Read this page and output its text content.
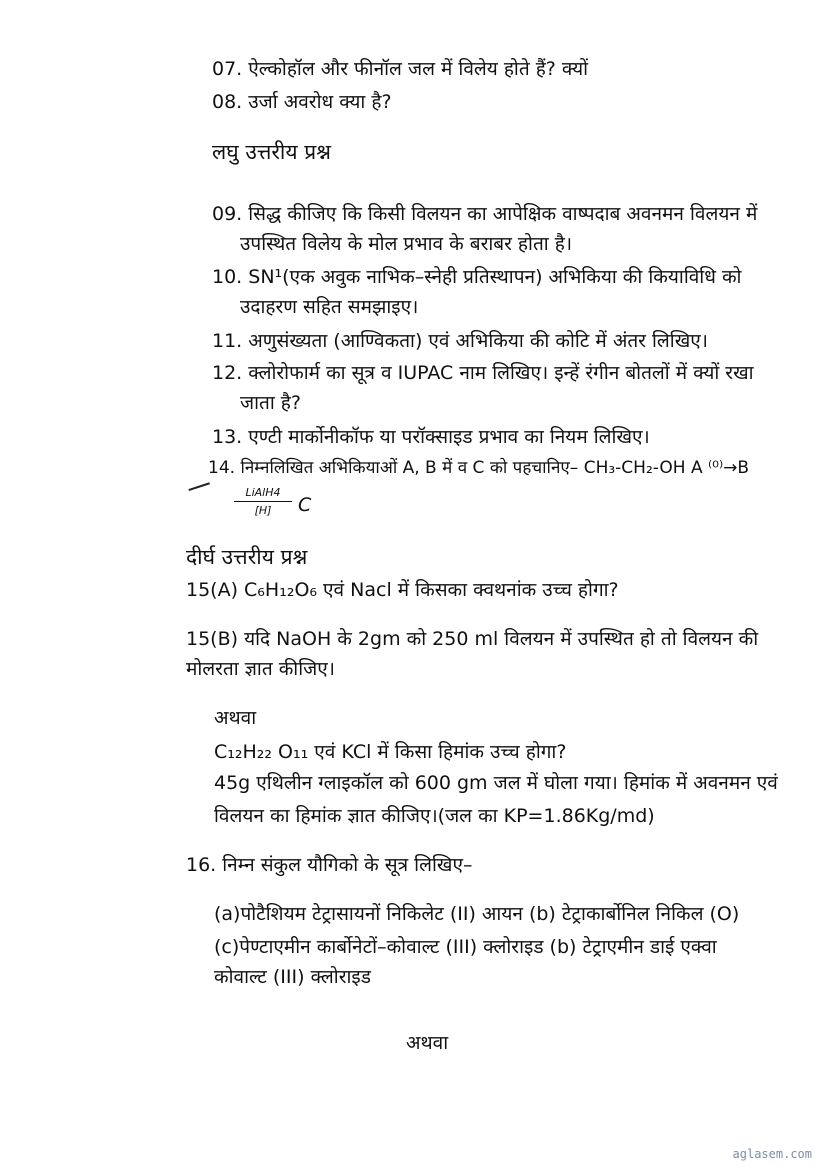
07. ऐल्कोहॉल और फीनॉल जल में विलेय होते हैं? क्यों
08. उर्जा अवरोध क्या है?
लघु उत्तरीय प्रश्न
09. सिद्ध कीजिए कि किसी विलयन का आपेक्षिक वाष्पदाब अवनमन विलयन में
उपस्थित विलेय के मोल प्रभाव के बराबर होता है।
10. SN¹(एक अवुक नाभिक–स्नेही प्रतिस्थापन) अभिकिया की कियाविधि को
उदाहरण सहित समझाइए।
11. अणुसंख्यता (आण्विकता) एवं अभिकिया की कोटि में अंतर लिखिए।
12. क्लोरोफार्म का सूत्र व IUPAC नाम लिखिए। इन्हें रंगीन बोतलों में क्यों रखा
जाता है?
13. एण्टी मार्कोनीकॉफ या परॉक्साइड प्रभाव का नियम लिखिए।
14. निम्नलिखित अभिकियाओं A, B में व C को पहचानिए– CH₃-CH₂-OH A ⁽⁰⁾→B
LiAlH4
[H]	C
दीर्घ उत्तरीय प्रश्न
15(A) C₆H₁₂O₆ एवं Nacl में किसका क्वथनांक उच्च होगा?
15(B) यदि NaOH के 2gm को 250 ml विलयन में उपस्थित हो तो विलयन की
मोलरता ज्ञात कीजिए।
अथवा
C₁₂H₂₂ O₁₁ एवं KCl में किसा हिमांक उच्च होगा?
45g एथिलीन ग्लाइकॉल को 600 gm जल में घोला गया। हिमांक में अवनमन एवं
विलयन का हिमांक ज्ञात कीजिए।(जल का KP=1.86Kg/md)
16. निम्न संकुल यौगिको के सूत्र लिखिए–
(a)पोटैशियम टेट्रासायनों निकिलेट (II) आयन (b) टेट्राकार्बोनिल निकिल (O)
(c)पेण्टाएमीन कार्बोनेटों–कोवाल्ट (III) क्लोराइड (b) टेट्राएमीन डाई एक्वा
कोवाल्ट (III) क्लोराइड
अथवा
aglasem.com
